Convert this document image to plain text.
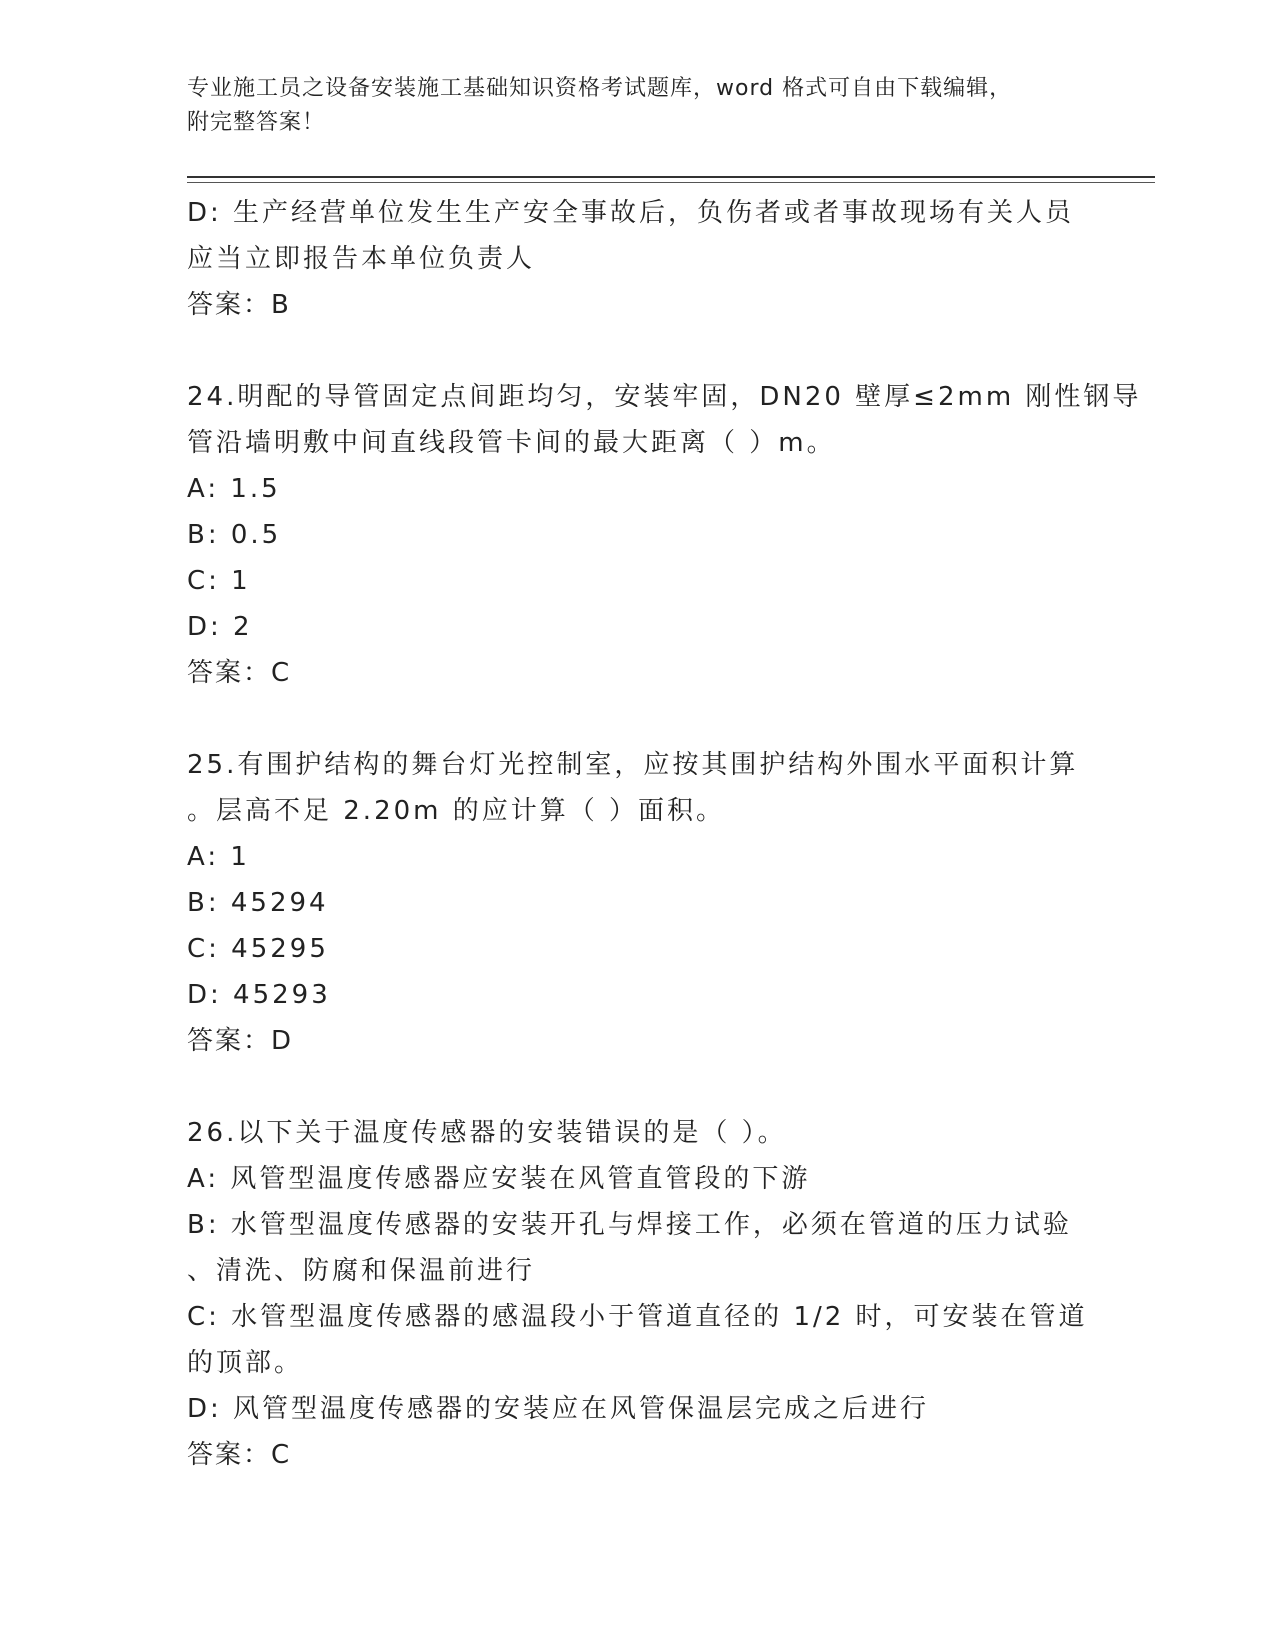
专业施工员之设备安装施工基础知识资格考试题库，word 格式可自由下载编辑，
附完整答案！

D: 生产经营单位发生生产安全事故后，负伤者或者事故现场有关人员

应当立即报告本单位负责人

答案：B

24.明配的导管固定点间距均匀，安装牢固，DN20 壁厚≤2mm 刚性钢导

管沿墙明敷中间直线段管卡间的最大距离（ ）m。

A: 1.5

B: 0.5

C: 1

D: 2

答案：C

25.有围护结构的舞台灯光控制室，应按其围护结构外围水平面积计算

。层高不足 2.20m 的应计算（ ）面积。

A: 1

B: 45294

C: 45295

D: 45293

答案：D

26.以下关于温度传感器的安装错误的是（ ）。

A: 风管型温度传感器应安装在风管直管段的下游

B: 水管型温度传感器的安装开孔与焊接工作，必须在管道的压力试验

、清洗、防腐和保温前进行

C: 水管型温度传感器的感温段小于管道直径的 1/2 时，可安装在管道

的顶部。

D: 风管型温度传感器的安装应在风管保温层完成之后进行

答案：C
